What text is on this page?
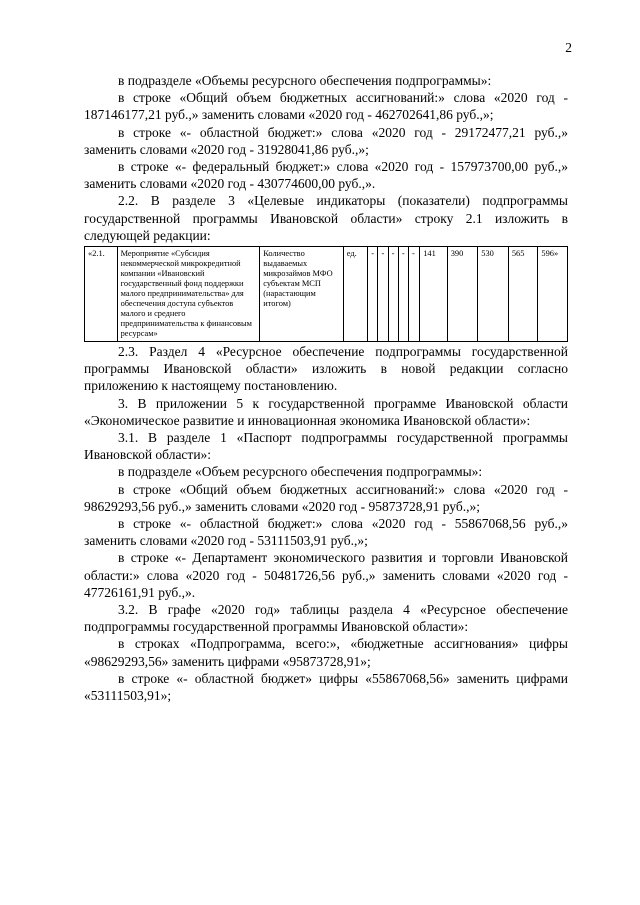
2

в подразделе «Объемы ресурсного обеспечения подпрограммы»:

в строке «Общий объем бюджетных ассигнований:» слова «2020 год - 187146177,21 руб.,» заменить словами «2020 год - 462702641,86 руб.,»;

в строке «- областной бюджет:» слова «2020 год - 29172477,21 руб.,» заменить словами «2020 год - 31928041,86 руб.,»;

в строке «- федеральный бюджет:» слова «2020 год - 157973700,00 руб.,» заменить словами «2020 год - 430774600,00 руб.,».

2.2. В разделе 3 «Целевые индикаторы (показатели) подпрограммы государственной программы Ивановской области» строку 2.1 изложить в следующей редакции:

«2.1.	Мероприятие «Субсидия некоммерческой микрокредитной компании «Ивановский государственный фонд поддержки малого предпринимательства» для обеспечения доступа субъектов малого и среднего предпринимательства к финансовым ресурсам»	Количество выдаваемых микрозаймов МФО субъектам МСП (нарастающим итогом)	ед.	-	-	-	-	-	141	390	530	565	596»

2.3. Раздел 4 «Ресурсное обеспечение подпрограммы государственной программы Ивановской области» изложить в новой редакции согласно приложению к настоящему постановлению.

3. В приложении 5 к государственной программе Ивановской области «Экономическое развитие и инновационная экономика Ивановской области»:

3.1. В разделе 1 «Паспорт подпрограммы государственной программы Ивановской области»:

в подразделе «Объем ресурсного обеспечения подпрограммы»:

в строке «Общий объем бюджетных ассигнований:» слова «2020 год - 98629293,56 руб.,» заменить словами «2020 год - 95873728,91 руб.,»;

в строке «- областной бюджет:» слова «2020 год - 55867068,56 руб.,» заменить словами «2020 год - 53111503,91 руб.,»;

в строке «- Департамент экономического развития и торговли Ивановской области:» слова «2020 год - 50481726,56 руб.,» заменить словами «2020 год - 47726161,91 руб.,».

3.2. В графе «2020 год» таблицы раздела 4 «Ресурсное обеспечение подпрограммы государственной программы Ивановской области»:

в строках «Подпрограмма, всего:», «бюджетные ассигнования» цифры «98629293,56» заменить цифрами «95873728,91»;

в строке «- областной бюджет» цифры «55867068,56» заменить цифрами «53111503,91»;
